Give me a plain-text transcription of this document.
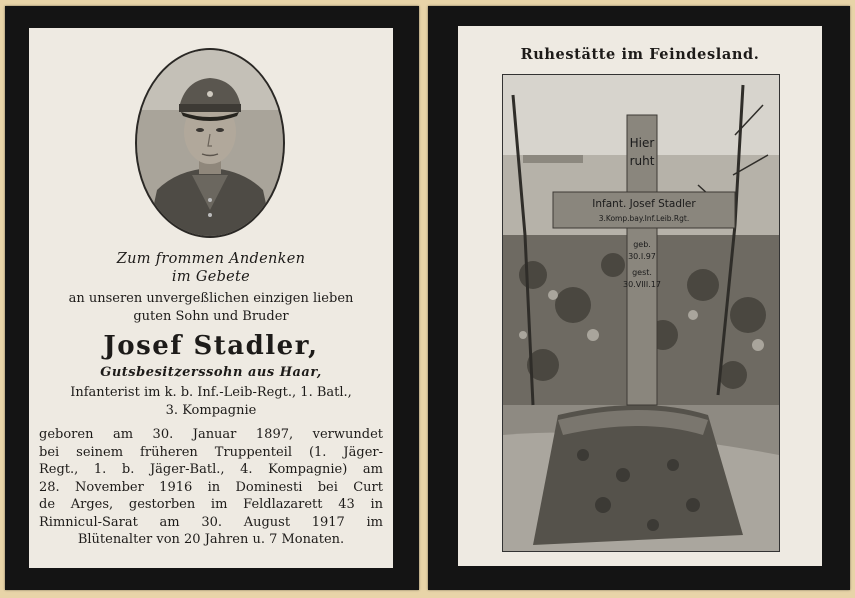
Zum frommen Andenken
im Gebete
an unseren unvergeßlichen einzigen lieben
guten Sohn und Bruder
Josef Stadler,
Gutsbesitzerssohn aus Haar,
Infanterist im k. b. Inf.-Leib-Regt., 1. Batl.,
3. Kompagnie
geboren am 30. Januar 1897, verwundet
bei seinem früheren Truppenteil (1. Jäger-
Regt., 1. b. Jäger-Batl., 4. Kompagnie) am
28. November 1916 in Dominesti bei Curt
de Arges, gestorben im Feldlazarett 43 in
Rimnicul-Sarat am 30. August 1917 im
Blütenalter von 20 Jahren u. 7 Monaten.
Ruhestätte im Feindesland.
Hier
ruht
Infant. Josef Stadler
3.Komp.bay.Inf.Leib.Rgt.
geb.
30.I.97
gest.
30.VIII.17
